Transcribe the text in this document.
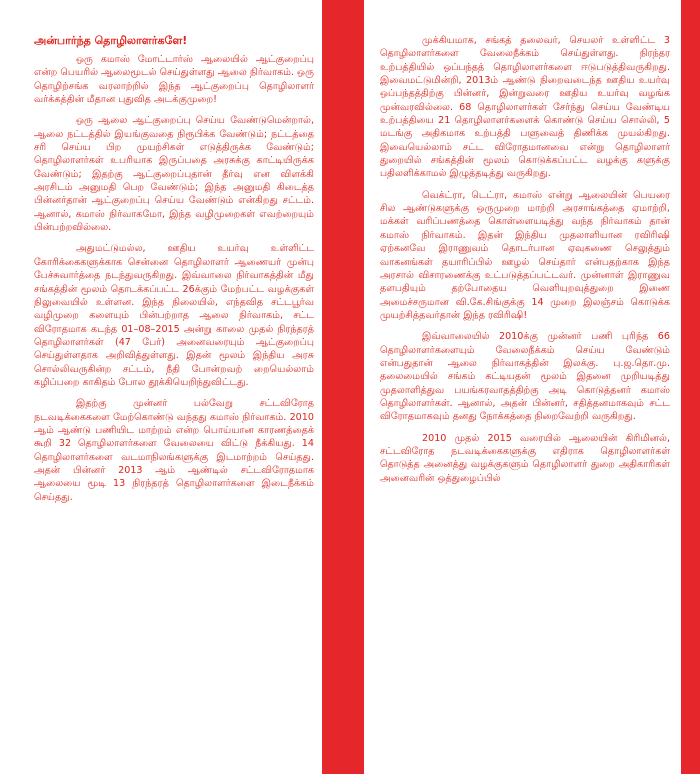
அன்பார்ந்த தொழிலாளர்களே!

ஒரு கமாஸ் மோட்டார்ஸ் ஆலையில் ஆட்குறைப்பு என்ற பெயரில் ஆலைமூடல் செய்துள்ளது ஆலை நிர்வாகம். ஒரு தொழிற்சங்க வரலாற்றில் இந்த ஆட்குறைப்பு தொழிலாளர் வர்க்கத்தின் மீதான புதுவித அடக்குமுறை!

ஒரு ஆலை ஆட்குறைப்பு செய்ய வேண்டுமென்றால், ஆலை நட்டத்தில் இயங்குவதை நிரூபிக்க வேண்டும்; நட்டத்தை சரி செய்ய பிற முயற்சிகள் எடுத்திருக்க வேண்டும்; தொழிலாளர்கள் உபரியாக இருப்பதை அரசுக்கு காட்டியிருக்க வேண்டும்; இதற்கு ஆட்குறைப்புதான் தீர்வு என விளக்கி அரசிடம் அனுமதி பெற வேண்டும்; இந்த அனுமதி கிடைத்த பின்னர்தான் ஆட்குறைப்பு செய்ய வேண்டும் என்கிறது சட்டம். ஆனால், கமாஸ் நிர்வாகமோ, இந்த வழிமுறைகள் எவற்றையும் பின்பற்றவில்லை.

அதுமட்டுமல்ல, ஊதிய உயர்வு உள்ளிட்ட கோரிக்கைகளுக்காக சென்னை தொழிலாளர் ஆணையர் முன்பு பேச்சுவார்த்தை நடந்துவருகிறது. இவ்வாலை நிர்வாகத்தின் மீது சங்கத்தின் மூலம் தொடக்கப்பட்ட 26க்கும் மேற்பட்ட வழக்குகள் நிலுவையில் உள்ளன. இந்த நிலையில், எந்தவித சட்டபூர்வ வழிமுறை களையும் பின்பற்றாத ஆலை நிர்வாகம், சட்ட விரோதமாக கடந்த 01–08–2015 அன்று காலை முதல் நிரந்தரத் தொழிலாளர்கள் (47 பேர்) அனைவரையும் ஆட்குறைப்பு செய்துள்ளதாக அறிவித்துள்ளது. இதன் மூலம் இந்திய அரசு சொல்லிவருகின்ற சட்டம், நீதி போன்றவற் றையெல்லாம் கழிப்பறை காகிதம் போல தூக்கியெறிந்துவிட்டது.

இதற்கு முன்னர் பல்வேறு சட்டவிரோத நடவடிக்கைகளை மேற்கொண்டு வந்தது கமாஸ் நிர்வாகம். 2010 ஆம் ஆண்டு பணியிட மாற்றம் என்ற பொய்யான காரணத்தைக் கூறி 32 தொழிலாளர்களை வேலையை விட்டு நீக்கியது. 14 தொழிலாளர்களை வடமாநிலங்களுக்கு இடமாற்றம் செய்தது. அதன் பின்னர் 2013 ஆம் ஆண்டில் சட்டவிரோதமாக ஆலையை மூடி 13 நிரந்தரத் தொழிலாளர்களை இடைநீக்கம் செய்தது.

முக்கியமாக, சங்கத் தலைவர், செயலர் உள்ளிட்ட 3 தொழிலாளர்களை வேலைநீக்கம் செய்துள்ளது. நிரந்தர உற்பத்தியில் ஒப்பந்தத் தொழிலாளர்களை ஈடுபடுத்திவருகிறது. இவைமட்டுமின்றி, 2013ம் ஆண்டு நிறைவடைந்த ஊதிய உயர்வு ஒப்பந்தத்திற்கு பின்னர், இன்றுவரை ஊதிய உயர்வு வழங்க முன்வரவில்லை. 68 தொழிலாளர்கள் சேர்ந்து செய்ய வேண்டிய உற்பத்தியை 21 தொழிலாளர்களைக் கொண்டு செய்ய சொல்லி, 5 மடங்கு அதிகமாக உற்பத்தி பளுவைத் திணிக்க முயல்கிறது. இவையெல்லாம் சட்ட விரோதமானவை என்று தொழிலாளர் துறையில் சங்கத்தின் மூலம் கொடுக்கப்பட்ட வழக்கு களுக்கு பதிலளிக்காமல் இழுத்தடித்து வருகிறது.

வெக்ட்ரா, டெட்ரா, கமாஸ் என்று ஆலையின் பெயரை சில ஆண்டுகளுக்கு ஒருமுறை மாற்றி அரசாங்கத்தை ஏமாற்றி, மக்கள் வரிப்பணத்தை கொள்ளையடித்து வந்த நிர்வாகம் தான் கமாஸ் நிர்வாகம். இதன் இந்திய முதலாளியான ரவிரிஷி ஏற்கனவே இராணுவம் தொடர்பான ஏவுகணை செலுத்தும் வாகனங்கள் தயாரிப்பில் ஊழல் செய்தார் என்பதற்காக இந்த அரசால் விசாரணைக்கு உட்படுத்தப்பட்டவர். முன்னாள் இராணுவ தளபதியும் தற்போதைய வெளியுறவுத்துறை இணை அமைச்சருமான வி.கே.சிங்குக்கு 14 முறை இலஞ்சம் கொடுக்க முயற்சித்தவர்தான் இந்த ரவிரிஷி!

இவ்வாலையில் 2010க்கு முன்னர் பணி புரிந்த 66 தொழிலாளர்களையும் வேலைநீக்கம் செய்ய வேண்டும் என்பதுதான் ஆலை நிர்வாகத்தின் இலக்கு. பு.ஜ.தொ.மு. தலைமையில் சங்கம் கட்டியதன் மூலம் இதனை முறியடித்து முதலாளித்துவ பயங்கரவாதத்திற்கு அடி கொடுத்தனர் கமாஸ் தொழிலாளர்கள். ஆனால், அதன் பின்னர், சதித்தனமாகவும் சட்ட விரோதமாகவும் தனது நோக்கத்தை நிறைவேற்றி வருகிறது.

2010 முதல் 2015 வரையில் ஆலையின் கிரிமினல், சட்டவிரோத நடவடிக்கைகளுக்கு எதிராக தொழிலாளர்கள் தொடுத்த அனைத்து வழக்குகளும் தொழிலாளர் துறை அதிகாரிகள் அனைவரின் ஒத்துழைப்பில்
